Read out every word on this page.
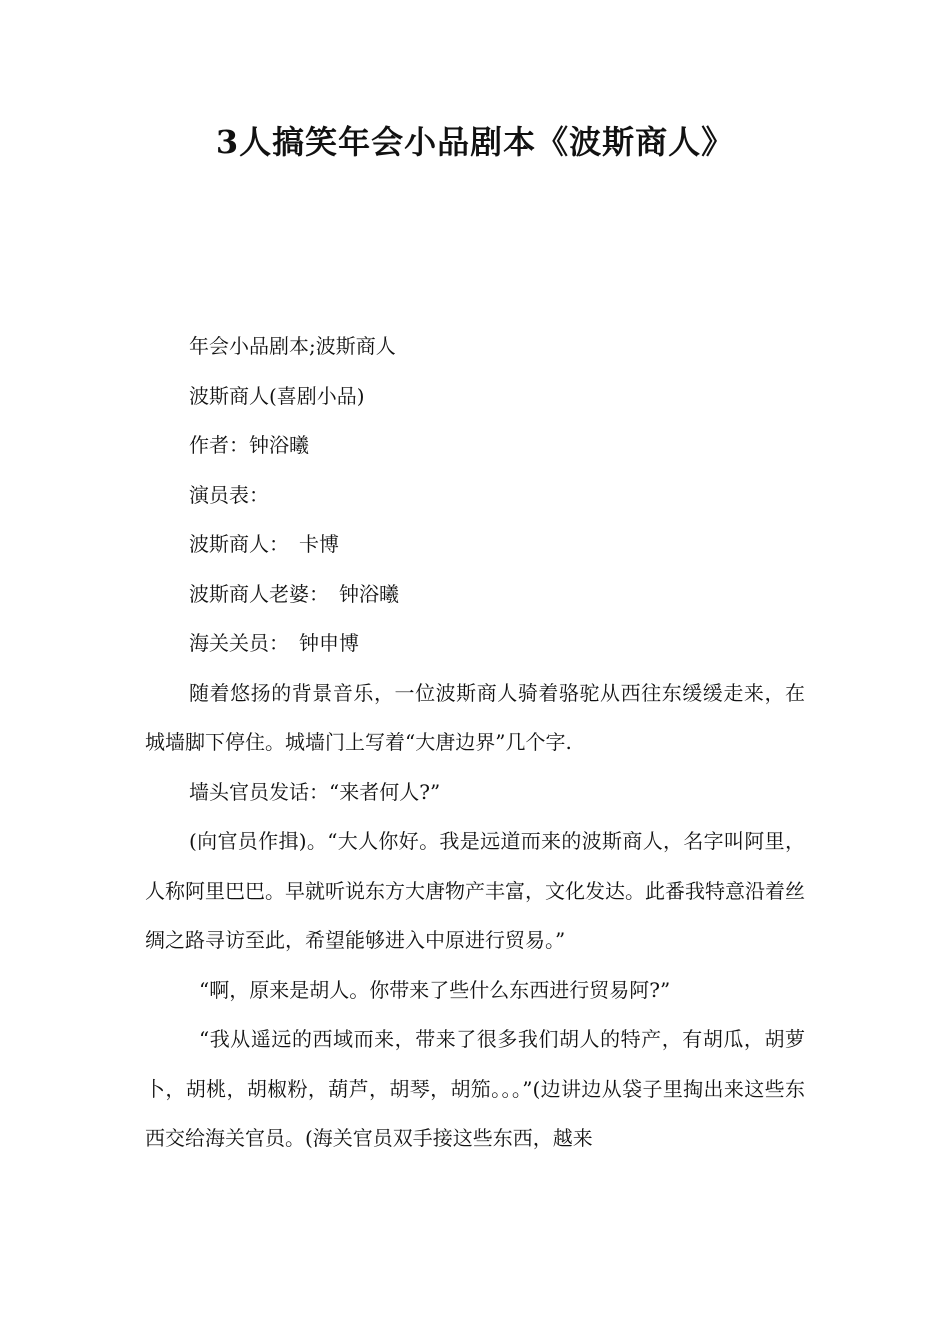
3人搞笑年会小品剧本《波斯商人》

年会小品剧本;波斯商人

波斯商人(喜剧小品)

作者：钟浴曦

演员表：

波斯商人：　卡博

波斯商人老婆：　钟浴曦

海关关员：　钟申博

随着悠扬的背景音乐，一位波斯商人骑着骆驼从西往东缓缓走来，在城墙脚下停住。城墙门上写着“大唐边界”几个字.

墙头官员发话：“来者何人?”

(向官员作揖)。“大人你好。我是远道而来的波斯商人，名字叫阿里，人称阿里巴巴。早就听说东方大唐物产丰富，文化发达。此番我特意沿着丝绸之路寻访至此，希望能够进入中原进行贸易。”

“啊，原来是胡人。你带来了些什么东西进行贸易阿?”

“我从遥远的西域而来，带来了很多我们胡人的特产，有胡瓜，胡萝卜，胡桃，胡椒粉，葫芦，胡琴，胡笳。。。”(边讲边从袋子里掏出来这些东西交给海关官员。(海关官员双手接这些东西，越来
